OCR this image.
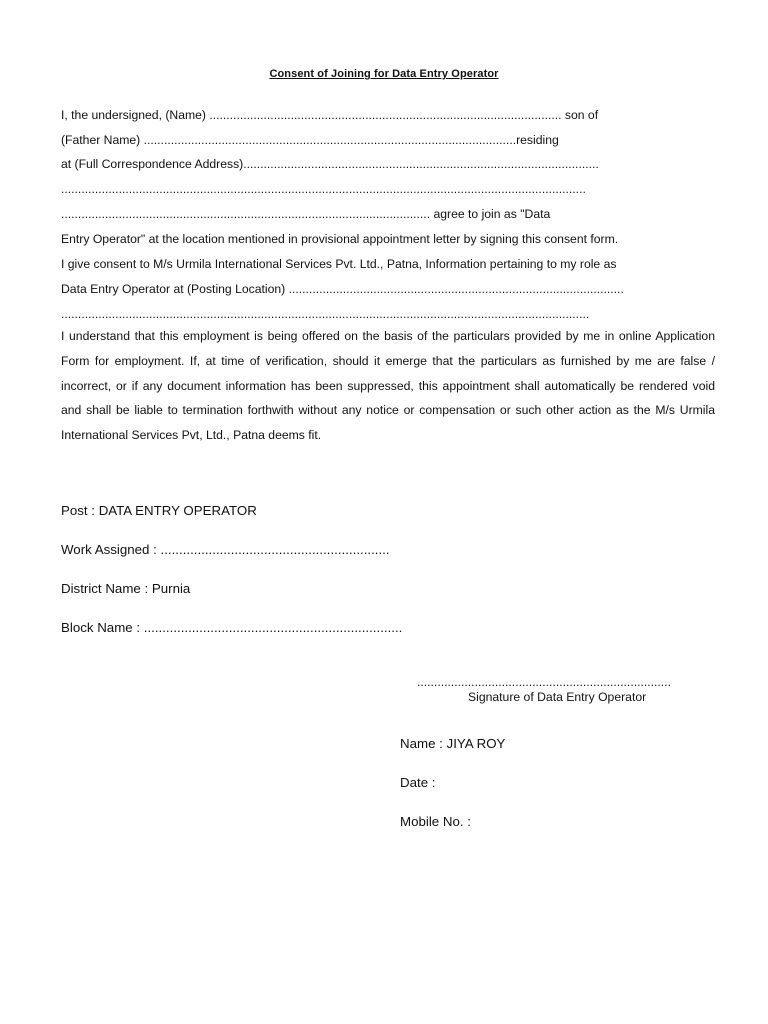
Consent of Joining for Data Entry Operator
I, the undersigned, (Name) ........................................................................................................ son of
(Father Name) ..............................................................................................................residing
at (Full Correspondence Address).........................................................................................................
...........................................................................................................................................................
............................................................................................................. agree to join as "Data
Entry Operator" at the location mentioned in provisional appointment letter by signing this consent form.
I give consent to M/s Urmila International Services Pvt. Ltd., Patna, Information pertaining to my role as
Data Entry Operator at (Posting Location) ...................................................................................................
............................................................................................................................................................
I understand that this employment is being offered on the basis of the particulars provided by me in online Application Form for employment. If, at time of verification, should it emerge that the particulars as furnished by me are false / incorrect, or if any document information has been suppressed, this appointment shall automatically be rendered void and shall be liable to termination forthwith without any notice or compensation or such other action as the M/s Urmila International Services Pvt, Ltd., Patna deems fit.
Post : DATA ENTRY OPERATOR
Work Assigned : ..............................................................
District Name : Purnia
Block Name : ......................................................................
...........................................................................
Signature of Data Entry Operator
Name : JIYA ROY
Date :
Mobile No. :
